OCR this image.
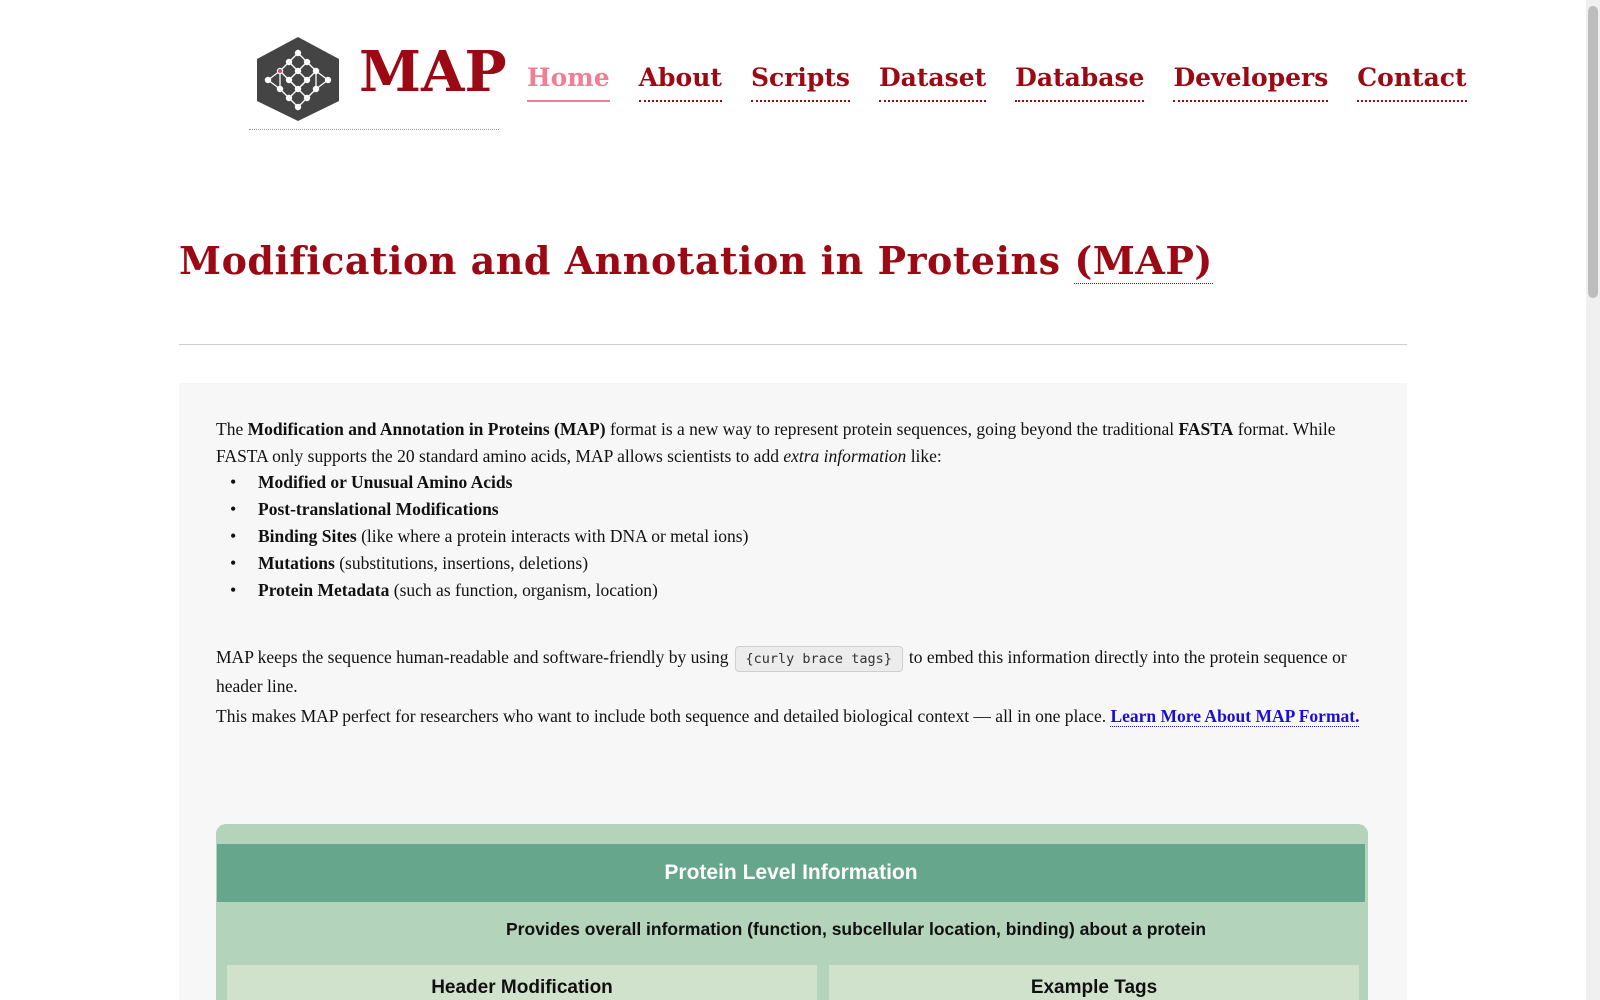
MAP Home About Scripts Dataset Database Developers Contact
Modification and Annotation in Proteins (MAP)

The Modification and Annotation in Proteins (MAP) format is a new way to represent protein sequences, going beyond the traditional FASTA format. While FASTA only supports the 20 standard amino acids, MAP allows scientists to add extra information like:

• Modified or Unusual Amino Acids
• Post-translational Modifications
• Binding Sites (like where a protein interacts with DNA or metal ions)
• Mutations (substitutions, insertions, deletions)
• Protein Metadata (such as function, organism, location)

MAP keeps the sequence human-readable and software-friendly by using {curly brace tags} to embed this information directly into the protein sequence or header line.

This makes MAP perfect for researchers who want to include both sequence and detailed biological context — all in one place. Learn More About MAP Format.

Protein Level Information
Provides overall information (function, subcellular location, binding) about a protein
Header Modification	Example Tags
